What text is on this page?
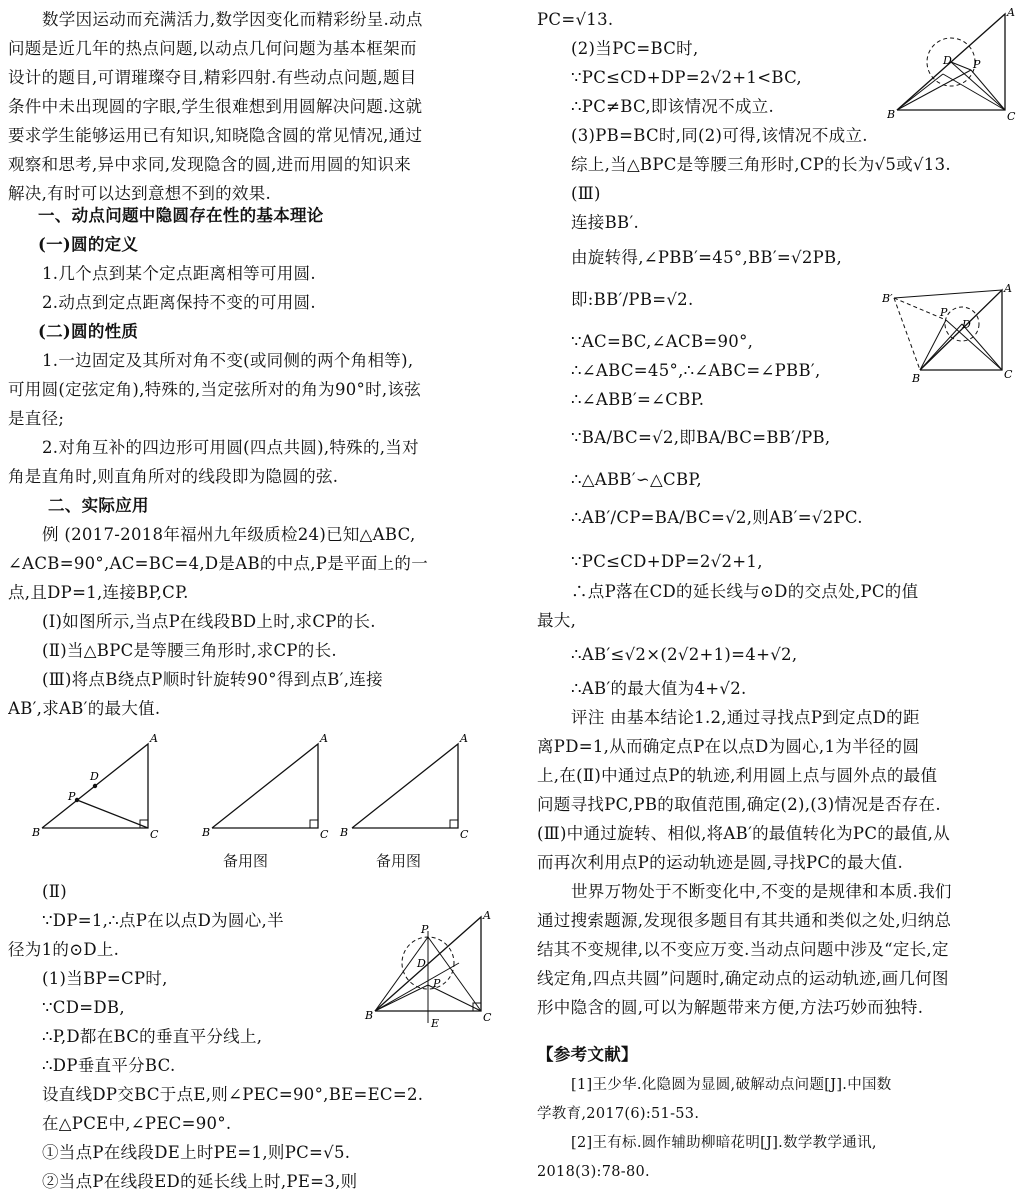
数学因运动而充满活力,数学因变化而精彩纷呈.动点
问题是近几年的热点问题,以动点几何问题为基本框架而
设计的题目,可谓璀璨夺目,精彩四射.有些动点问题,题目
条件中未出现圆的字眼,学生很难想到用圆解决问题.这就
要求学生能够运用已有知识,知晓隐含圆的常见情况,通过
观察和思考,异中求同,发现隐含的圆,进而用圆的知识来
解决,有时可以达到意想不到的效果.
一、动点问题中隐圆存在性的基本理论
(一)圆的定义
1.几个点到某个定点距离相等可用圆.
2.动点到定点距离保持不变的可用圆.
(二)圆的性质
1.一边固定及其所对角不变(或同侧的两个角相等),
可用圆(定弦定角),特殊的,当定弦所对的角为90°时,该弦
是直径;
2.对角互补的四边形可用圆(四点共圆),特殊的,当对
角是直角时,则直角所对的线段即为隐圆的弦.
二、实际应用
例 (2017-2018年福州九年级质检24)已知△ABC,
∠ACB=90°,AC=BC=4,D是AB的中点,P是平面上的一
点,且DP=1,连接BP,CP.
(Ⅰ)如图所示,当点P在线段BD上时,求CP的长.
(Ⅱ)当△BPC是等腰三角形时,求CP的长.
(Ⅲ)将点B绕点P顺时针旋转90°得到点B′,连接
AB′,求AB′的最大值.
A
B	C
D
P
A
B	C
A
B	C
备用图	备用图
(Ⅱ)
∵DP=1,∴点P在以点D为圆心,半
径为1的⊙D上.
(1)当BP=CP时,
∵CD=DB,
∴P,D都在BC的垂直平分线上,
∴DP垂直平分BC.
设直线DP交BC于点E,则∠PEC=90°,BE=EC=2.
在△PCE中,∠PEC=90°.
①当点P在线段DE上时PE=1,则PC=√5.
②当点P在线段ED的延长线上时,PE=3,则
A
B	C
D
P
P
E
PC=√13.
(2)当PC=BC时,
∵PC≤CD+DP=2√2+1<BC,
∴PC≠BC,即该情况不成立.
(3)PB=BC时,同(2)可得,该情况不成立.
综上,当△BPC是等腰三角形时,CP的长为√5或√13.
(Ⅲ)
连接BB′.
由旋转得,∠PBB′=45°,BB′=√2PB,
即:BB′/PB=√2.
∵AC=BC,∠ACB=90°,
∴∠ABC=45°,∴∠ABC=∠PBB′,
∴∠ABB′=∠CBP.
∵BA/BC=√2,即BA/BC=BB′/PB,
∴△ABB′∽△CBP,
∴AB′/CP=BA/BC=√2,则AB′=√2PC.
∵PC≤CD+DP=2√2+1,
∴点P落在CD的延长线与⊙D的交点处,PC的值
最大,
∴AB′≤√2×(2√2+1)=4+√2,
∴AB′的最大值为4+√2.
评注 由基本结论1.2,通过寻找点P到定点D的距
离PD=1,从而确定点P在以点D为圆心,1为半径的圆
上,在(Ⅱ)中通过点P的轨迹,利用圆上点与圆外点的最值
问题寻找PC,PB的取值范围,确定(2),(3)情况是否存在.
(Ⅲ)中通过旋转、相似,将AB′的最值转化为PC的最值,从
而再次利用点P的运动轨迹是圆,寻找PC的最大值.
世界万物处于不断变化中,不变的是规律和本质.我们
通过搜索题源,发现很多题目有其共通和类似之处,归纳总
结其不变规律,以不变应万变.当动点问题中涉及“定长,定
线定角,四点共圆”问题时,确定动点的运动轨迹,画几何图
形中隐含的圆,可以为解题带来方便,方法巧妙而独特.
【参考文献】
[1]王少华.化隐圆为显圆,破解动点问题[J].中国数
学教育,2017(6):51-53.
[2]王有标.圆作辅助柳暗花明[J].数学教学通讯,
2018(3):78-80.
A
B	C
D P
A
B′
B	C
D
P
